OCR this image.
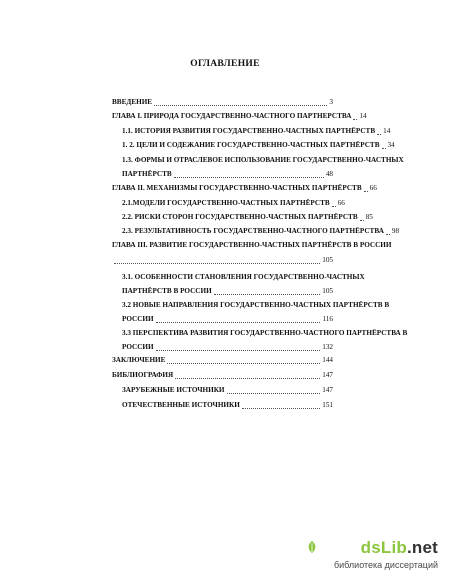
ОГЛАВЛЕНИЕ
ВВЕДЕНИЕ	3
ГЛАВА I. ПРИРОДА ГОСУДАРСТВЕННО-ЧАСТНОГО ПАРТНЕРСТВА 14
1.1. ИСТОРИЯ РАЗВИТИЯ ГОСУДАРСТВЕННО-ЧАСТНЫХ ПАРТНЁРСТВ 14
1. 2. ЦЕЛИ И СОДЕЖАНИЕ ГОСУДАРСТВЕННО-ЧАСТНЫХ ПАРТНЁРСТВ 34
1.3. ФОРМЫ И ОТРАСЛЕВОЕ ИСПОЛЬЗОВАНИЕ ГОСУДАРСТВЕННО-ЧАСТНЫХ
ПАРТНЁРСТВ	48
ГЛАВА II. МЕХАНИЗМЫ ГОСУДАРСТВЕННО-ЧАСТНЫХ ПАРТНЁРСТВ 66
2.1.МОДЕЛИ ГОСУДАРСТВЕННО-ЧАСТНЫХ ПАРТНЁРСТВ 66
2.2. РИСКИ СТОРОН ГОСУДАРСТВЕННО-ЧАСТНЫХ ПАРТНЁРСТВ 85
2.3. РЕЗУЛЬТАТИВНОСТЬ ГОСУДАРСТВЕННО-ЧАСТНОГО ПАРТНЁРСТВА 98
ГЛАВА III. РАЗВИТИЕ ГОСУДАРСТВЕННО-ЧАСТНЫХ ПАРТНЁРСТВ В РОССИИ
105
3.1. ОСОБЕННОСТИ СТАНОВЛЕНИЯ ГОСУДАРСТВЕННО-ЧАСТНЫХ
ПАРТНЁРСТВ В РОССИИ	105
3.2 НОВЫЕ НАПРАВЛЕНИЯ ГОСУДАРСТВЕННО-ЧАСТНЫХ ПАРТНЁРСТВ В
РОССИИ	116
3.3 ПЕРСПЕКТИВА РАЗВИТИЯ ГОСУДАРСТВЕННО-ЧАСТНОГО ПАРТНЁРСТВА В
РОССИИ	132
ЗАКЛЮЧЕНИЕ	144
БИБЛИОГРАФИЯ	147
ЗАРУБЕЖНЫЕ ИСТОЧНИКИ	147
ОТЕЧЕСТВЕННЫЕ ИСТОЧНИКИ	151
dsLib.net
библиотека диссертаций
